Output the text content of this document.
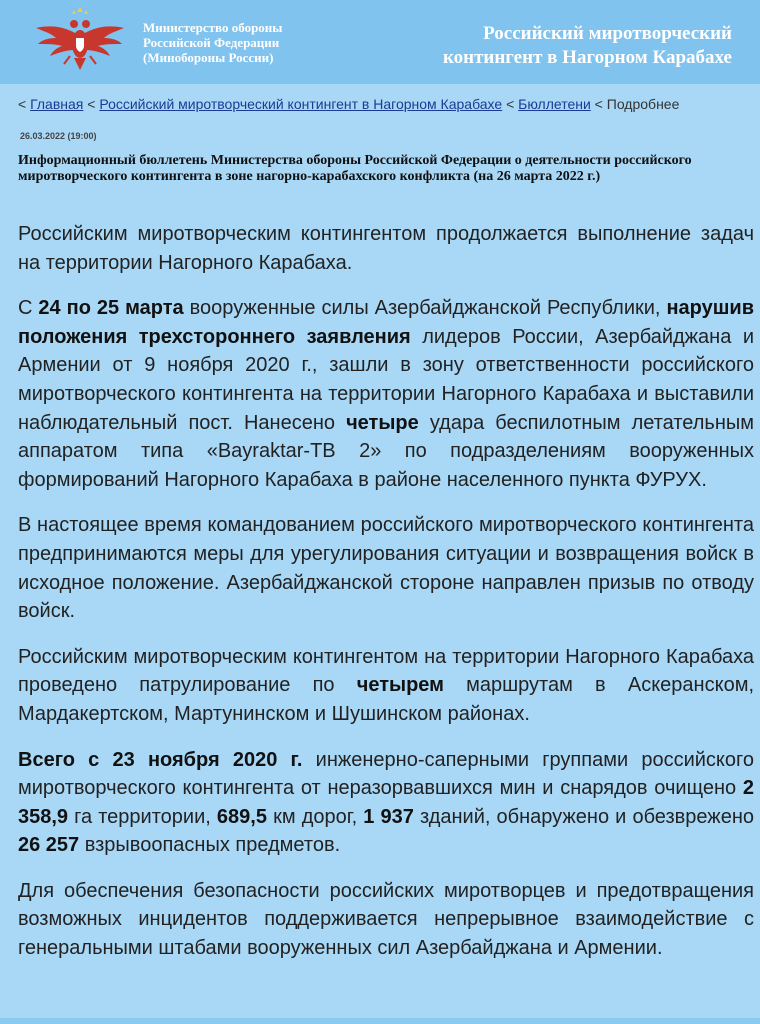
Министерство обороны
Российской Федерации
(Минобороны России)
Российский миротворческий
контингент в Нагорном Карабахе
< Главная < Российский миротворческий контингент в Нагорном Карабахе < Бюллетени < Подробнее
26.03.2022 (19:00)
Информационный бюллетень Министерства обороны Российской Федерации о деятельности российского миротворческого контингента в зоне нагорно-карабахского конфликта (на 26 марта 2022 г.)

Российским миротворческим контингентом продолжается выполнение задач на территории Нагорного Карабаха.

С 24 по 25 марта вооруженные силы Азербайджанской Республики, нарушив положения трехстороннего заявления лидеров России, Азербайджана и Армении от 9 ноября 2020 г., зашли в зону ответственности российского миротворческого контингента на территории Нагорного Карабаха и выставили наблюдательный пост. Нанесено четыре удара беспилотным летательным аппаратом типа «Bayraktar-ТВ 2» по подразделениям вооруженных формирований Нагорного Карабаха в районе населенного пункта ФУРУХ.

В настоящее время командованием российского миротворческого контингента предпринимаются меры для урегулирования ситуации и возвращения войск в исходное положение. Азербайджанской стороне направлен призыв по отводу войск.

Российским миротворческим контингентом на территории Нагорного Карабаха проведено патрулирование по четырем маршрутам в Аскеранском, Мардакертском, Мартунинском и Шушинском районах.

Всего с 23 ноября 2020 г. инженерно-саперными группами российского миротворческого контингента от неразорвавшихся мин и снарядов очищено 2 358,9 га территории, 689,5 км дорог, 1 937 зданий, обнаружено и обезврежено 26 257 взрывоопасных предметов.

Для обеспечения безопасности российских миротворцев и предотвращения возможных инцидентов поддерживается непрерывное взаимодействие с генеральными штабами вооруженных сил Азербайджана и Армении.
